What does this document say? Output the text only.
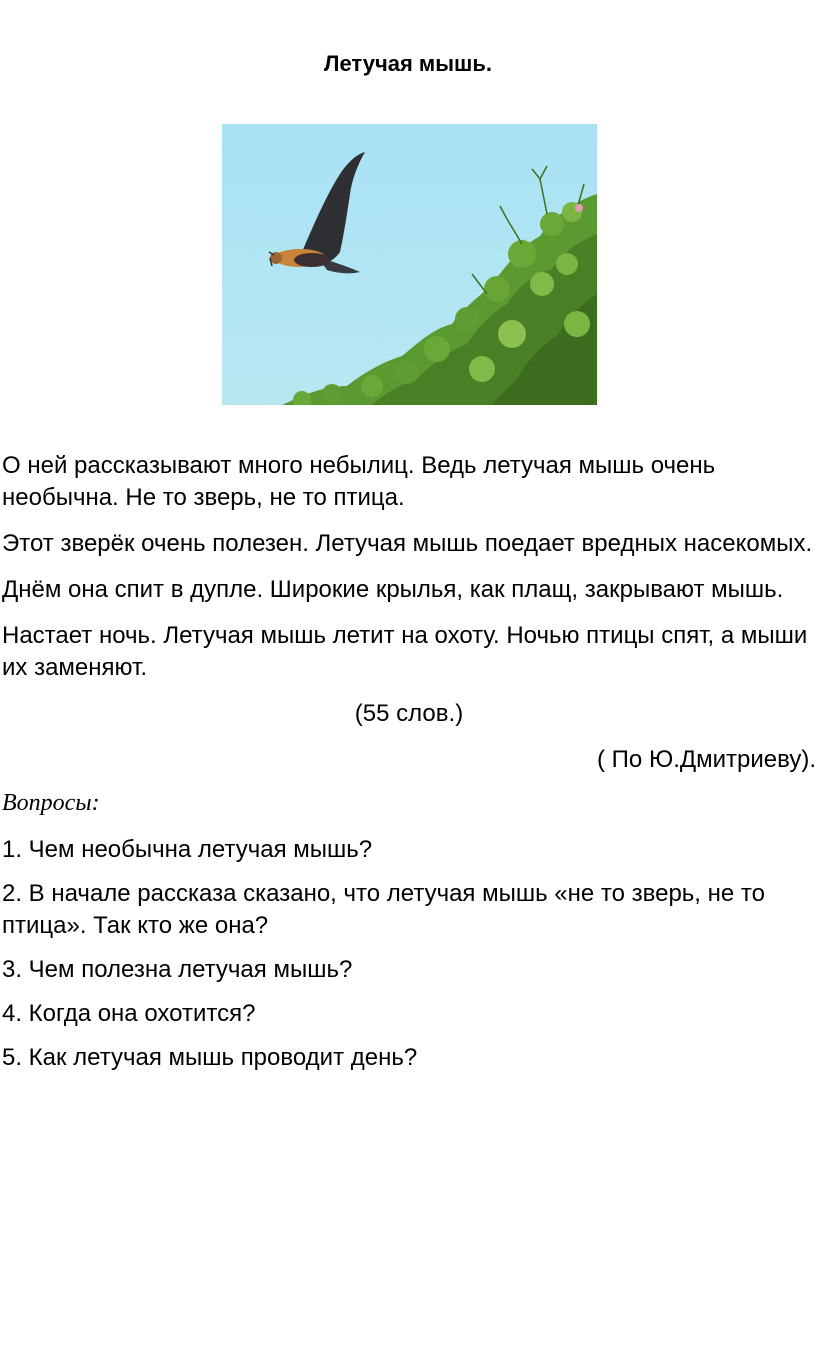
Летучая мышь.

О ней рассказывают много небылиц. Ведь летучая мышь очень необычна. Не то зверь, не то птица.

Этот зверёк очень полезен. Летучая мышь поедает вредных насекомых.

Днём она спит в дупле. Широкие крылья, как плащ, закрывают мышь.

Настает ночь. Летучая мышь летит на охоту. Ночью птицы спят, а мыши их заменяют.

(55 слов.)

( По Ю.Дмитриеву).

Вопросы:

1. Чем необычна летучая мышь?

2. В начале рассказа сказано, что летучая мышь «не то зверь, не то птица». Так кто же она?

3. Чем полезна летучая мышь?

4. Когда она охотится?

5. Как летучая мышь проводит день?
